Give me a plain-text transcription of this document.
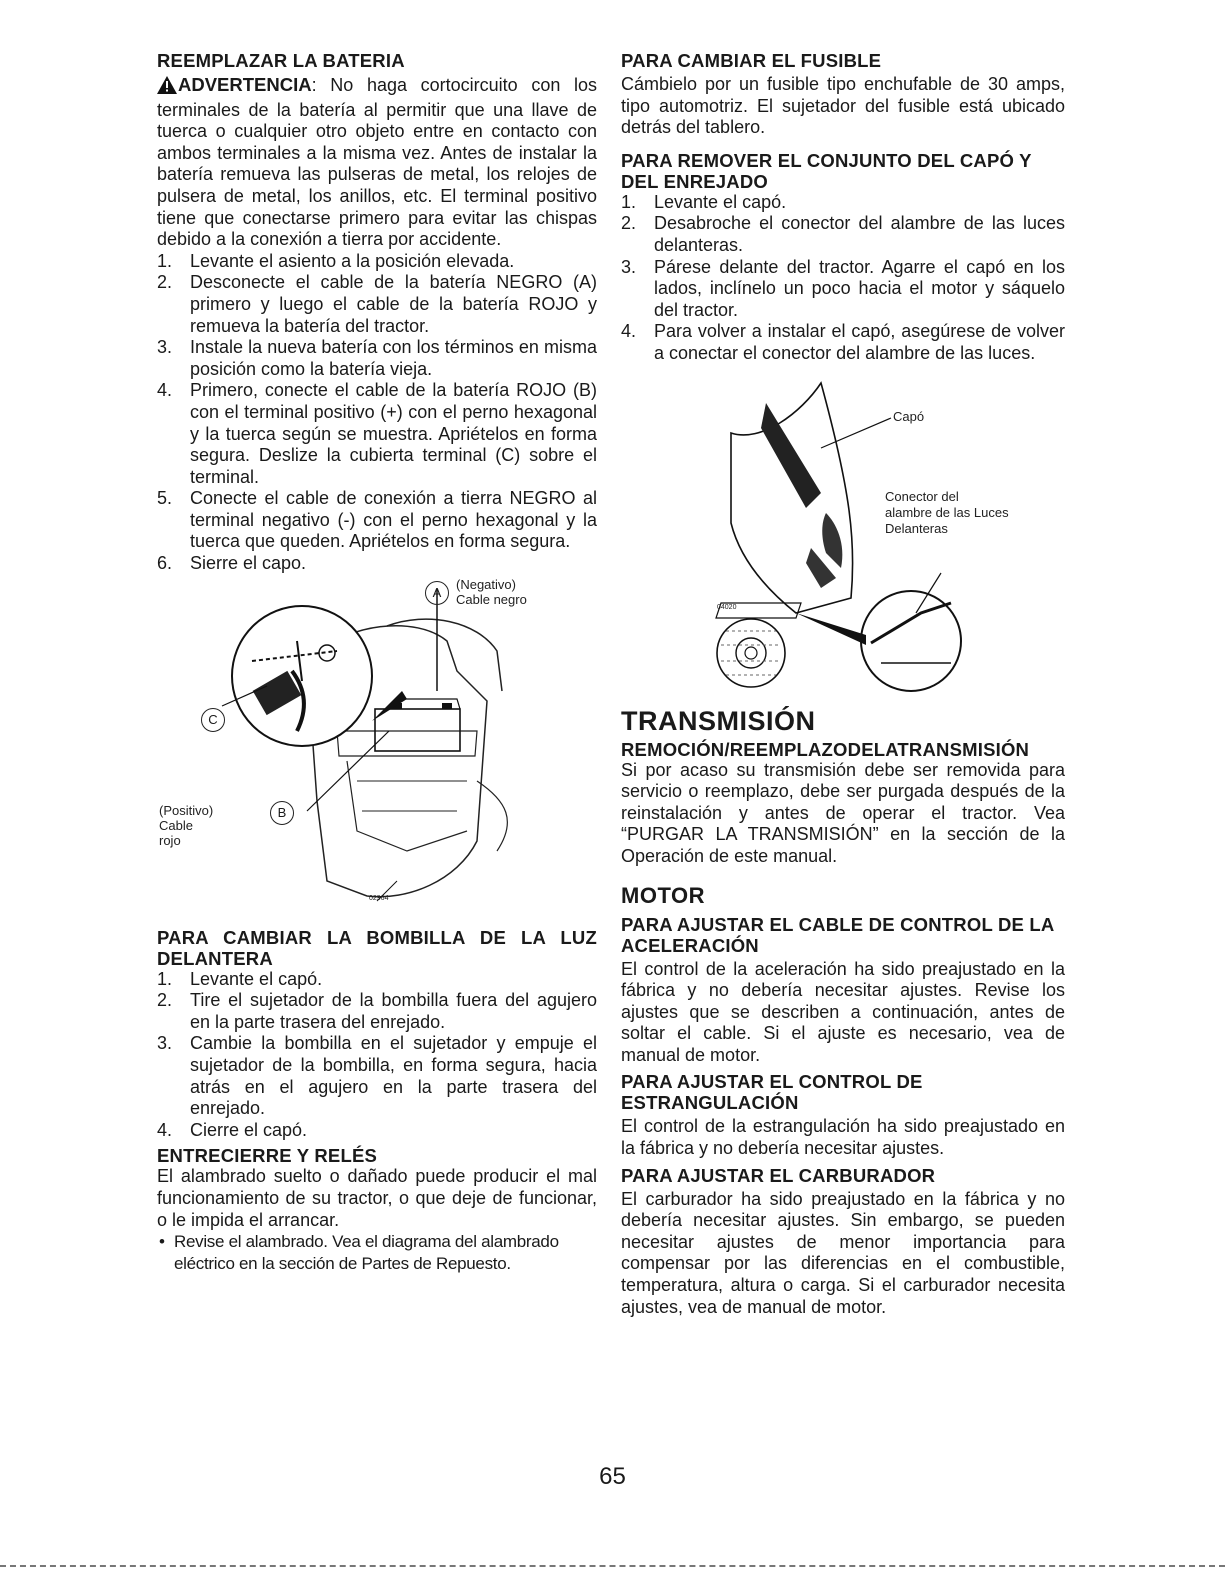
REEMPLAZAR LA BATERIA

ADVERTENCIA: No haga cortocircuito con los terminales de la batería al permitir que una llave de tuerca o cualquier otro objeto entre en contacto con ambos terminales a la misma vez. Antes de instalar la batería remueva las pulseras de metal, los relojes de pulsera de metal, los anillos, etc. El terminal positivo tiene que conectarse primero para evitar las chispas debido a la conexión a tierra por accidente.

1. Levante el asiento a la posición elevada.
2. Desconecte el cable de la batería NEGRO (A) primero y luego el cable de la batería ROJO y remueva la batería del tractor.
3. Instale la nueva batería con los términos en misma posición como la batería vieja.
4. Primero, conecte el cable de la batería ROJO (B) con el terminal positivo (+) con el perno hexagonal y la tuerca según se muestra. Apriételos en forma segura. Deslize la cubierta terminal (C) sobre el terminal.
5. Conecte el cable de conexión a tierra NEGRO al terminal negativo (-) con el perno hexagonal y la tuerca que queden. Apriételos en forma segura.
6. Sierre el capo.
A
(Negativo)
Cable negro
C
(Positivo)
Cable
rojo
B
02964
PARA CAMBIAR LA BOMBILLA DE LA LUZ DELANTERA
1. Levante el capó.
2. Tire el sujetador de la bombilla fuera del agujero en la parte trasera del enrejado.
3. Cambie la bombilla en el sujetador y empuje el sujetador de la bombilla, en forma segura, hacia atrás en el agujero en la parte trasera del enrejado.
4. Cierre el capó.
ENTRECIERRE Y RELÉS

El alambrado suelto o dañado puede producir el mal funcionamiento de su tractor, o que deje de funcionar, o le impida el arrancar.

• Revise el alambrado. Vea el diagrama del alambrado eléctrico en la sección de Partes de Repuesto.
PARA CAMBIAR EL FUSIBLE

Cámbielo por un fusible tipo enchufable de 30 amps, tipo automotriz. El sujetador del fusible está ubicado detrás del tablero.

PARA REMOVER EL CONJUNTO DEL CAPÓ Y DEL ENREJADO
1. Levante el capó.
2. Desabroche el conector del alambre de las luces delanteras.
3. Párese delante del tractor. Agarre el capó en los lados, inclínelo un poco hacia el motor y sáquelo del tractor.
4. Para volver a instalar el capó, asegúrese de volver a conectar el conector del alambre de las luces.
Capó
Conector del
alambre de las Luces
Delanteras
04020
TRANSMISIÓN
REMOCIÓN/REEMPLAZODELATRANSMISIÓN

Si por acaso su transmisión debe ser removida para servicio o reemplazo, debe ser purgada después de la reinstalación y antes de operar el tractor. Vea “PURGAR LA TRANSMISIÓN” en la sección de la Operación de este manual.

MOTOR
PARA AJUSTAR EL CABLE DE CONTROL DE LA ACELERACIÓN

El control de la aceleración ha sido preajustado en la fábrica y no debería necesitar ajustes. Revise los ajustes que se describen a continuación, antes de soltar el cable. Si el ajuste es necesario, vea de manual de motor.

PARA AJUSTAR EL CONTROL DE ESTRANGULACIÓN

El control de la estrangulación ha sido preajustado en la fábrica y no debería necesitar ajustes.

PARA AJUSTAR EL CARBURADOR

El carburador ha sido preajustado en la fábrica y no debería necesitar ajustes. Sin embargo, se pueden necesitar ajustes de menor importancia para compensar por las diferencias en el combustible, temperatura, altura o carga. Si el carburador necesita ajustes, vea de manual de motor.

65
